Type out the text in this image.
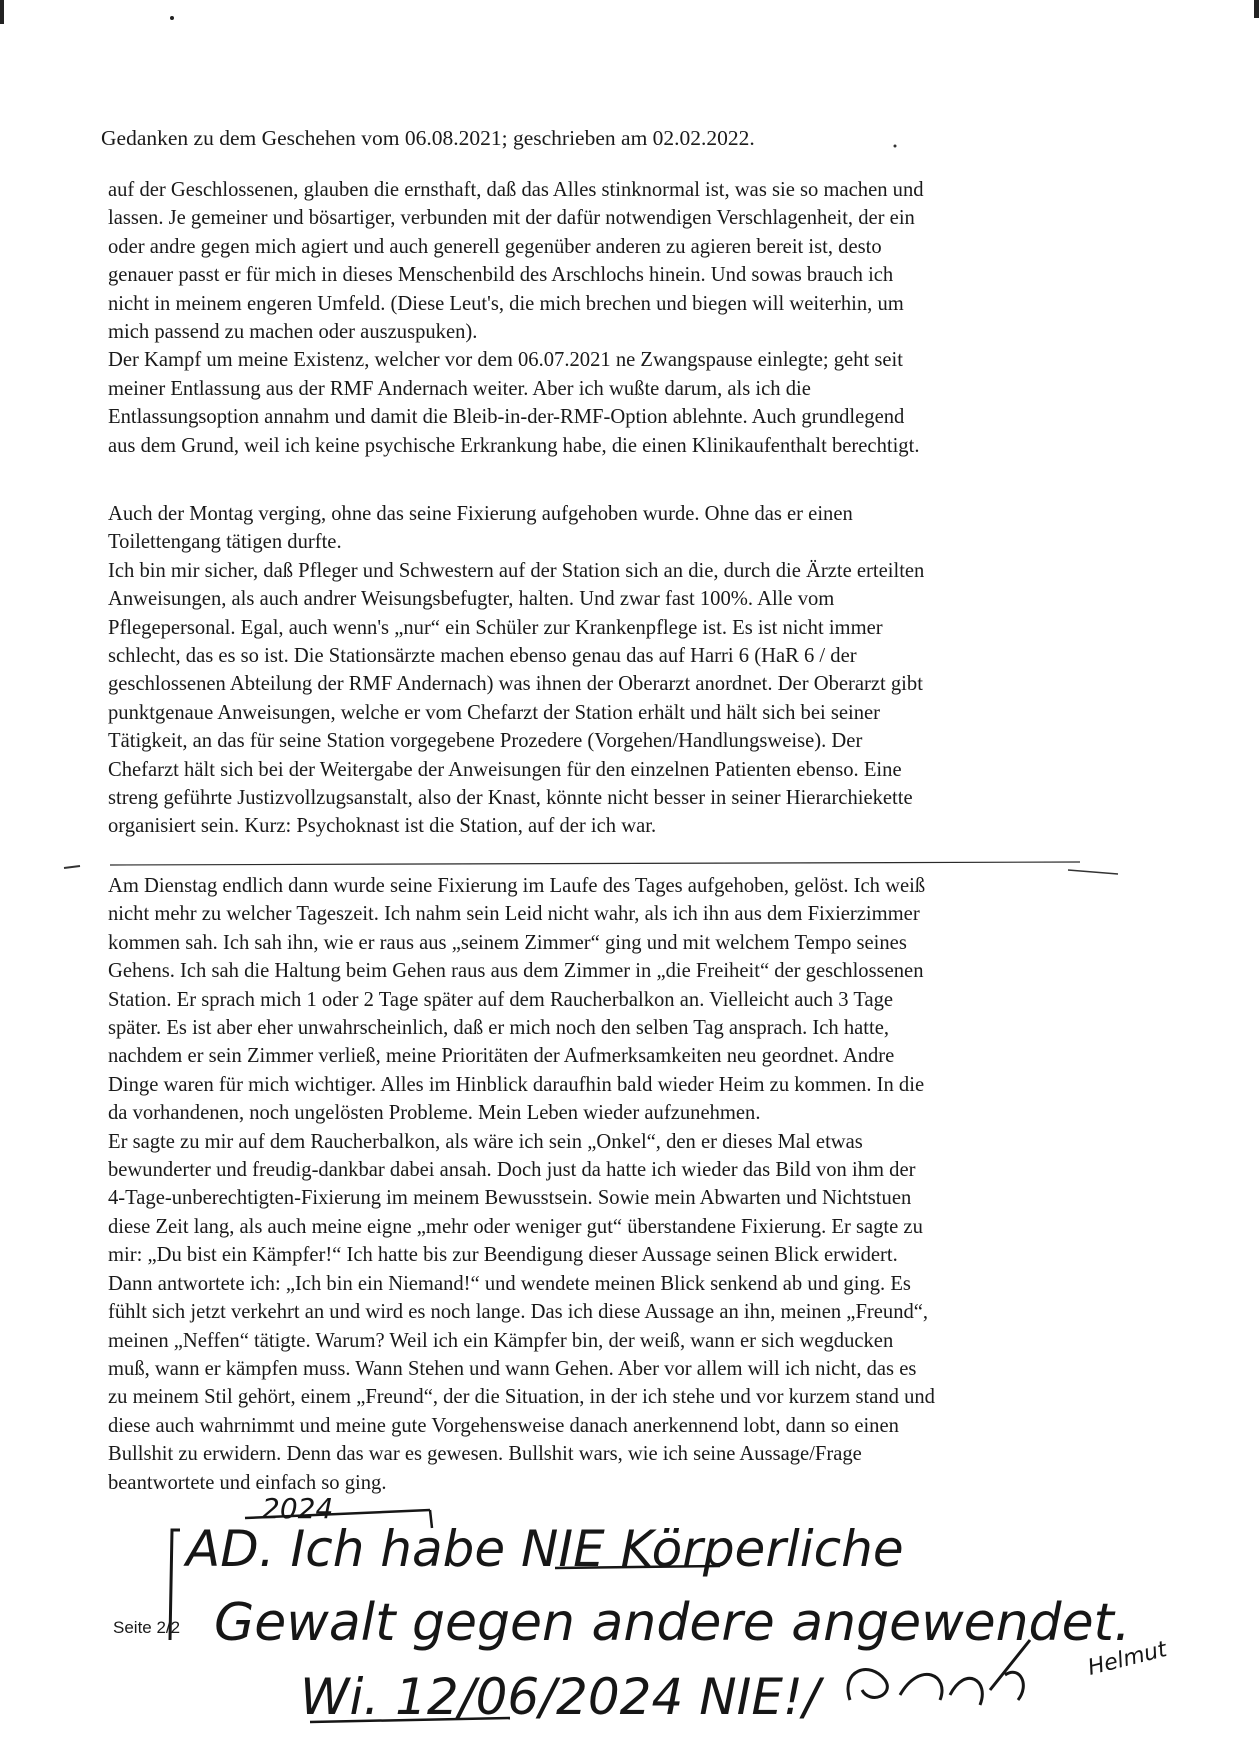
Gedanken zu dem Geschehen vom 06.08.2021; geschrieben am 02.02.2022.

auf der Geschlossenen, glauben die ernsthaft, daß das Alles stinknormal ist, was sie so machen und
lassen. Je gemeiner und bösartiger, verbunden mit der dafür notwendigen Verschlagenheit, der ein
oder andre gegen mich agiert und auch generell gegenüber anderen zu agieren bereit ist, desto
genauer passt er für mich in dieses Menschenbild des Arschlochs hinein. Und sowas brauch ich
nicht in meinem engeren Umfeld. (Diese Leut's, die mich brechen und biegen will weiterhin, um
mich passend zu machen oder auszuspuken).
Der Kampf um meine Existenz, welcher vor dem 06.07.2021 ne Zwangspause einlegte; geht seit
meiner Entlassung aus der RMF Andernach weiter. Aber ich wußte darum, als ich die
Entlassungsoption annahm und damit die Bleib-in-der-RMF-Option ablehnte. Auch grundlegend
aus dem Grund, weil ich keine psychische Erkrankung habe, die einen Klinikaufenthalt berechtigt.

Auch der Montag verging, ohne das seine Fixierung aufgehoben wurde. Ohne das er einen
Toilettengang tätigen durfte.
Ich bin mir sicher, daß Pfleger und Schwestern auf der Station sich an die, durch die Ärzte erteilten
Anweisungen, als auch andrer Weisungsbefugter, halten. Und zwar fast 100%. Alle vom
Pflegepersonal. Egal, auch wenn's „nur“ ein Schüler zur Krankenpflege ist. Es ist nicht immer
schlecht, das es so ist. Die Stationsärzte machen ebenso genau das auf Harri 6 (HaR 6 / der
geschlossenen Abteilung der RMF Andernach) was ihnen der Oberarzt anordnet. Der Oberarzt gibt
punktgenaue Anweisungen, welche er vom Chefarzt der Station erhält und hält sich bei seiner
Tätigkeit, an das für seine Station vorgegebene Prozedere (Vorgehen/Handlungsweise). Der
Chefarzt hält sich bei der Weitergabe der Anweisungen für den einzelnen Patienten ebenso. Eine
streng geführte Justizvollzugsanstalt, also der Knast, könnte nicht besser in seiner Hierarchiekette
organisiert sein. Kurz: Psychoknast ist die Station, auf der ich war.

Am Dienstag endlich dann wurde seine Fixierung im Laufe des Tages aufgehoben, gelöst. Ich weiß
nicht mehr zu welcher Tageszeit. Ich nahm sein Leid nicht wahr, als ich ihn aus dem Fixierzimmer
kommen sah. Ich sah ihn, wie er raus aus „seinem Zimmer“ ging und mit welchem Tempo seines
Gehens. Ich sah die Haltung beim Gehen raus aus dem Zimmer in „die Freiheit“ der geschlossenen
Station. Er sprach mich 1 oder 2 Tage später auf dem Raucherbalkon an. Vielleicht auch 3 Tage
später. Es ist aber eher unwahrscheinlich, daß er mich noch den selben Tag ansprach. Ich hatte,
nachdem er sein Zimmer verließ, meine Prioritäten der Aufmerksamkeiten neu geordnet. Andre
Dinge waren für mich wichtiger. Alles im Hinblick daraufhin bald wieder Heim zu kommen. In die
da vorhandenen, noch ungelösten Probleme. Mein Leben wieder aufzunehmen.
Er sagte zu mir auf dem Raucherbalkon, als wäre ich sein „Onkel“, den er dieses Mal etwas
bewunderter und freudig-dankbar dabei ansah. Doch just da hatte ich wieder das Bild von ihm der
4-Tage-unberechtigten-Fixierung im meinem Bewusstsein. Sowie mein Abwarten und Nichtstuen
diese Zeit lang, als auch meine eigne „mehr oder weniger gut“ überstandene Fixierung. Er sagte zu
mir: „Du bist ein Kämpfer!“ Ich hatte bis zur Beendigung dieser Aussage seinen Blick erwidert.
Dann antwortete ich: „Ich bin ein Niemand!“ und wendete meinen Blick senkend ab und ging. Es
fühlt sich jetzt verkehrt an und wird es noch lange. Das ich diese Aussage an ihn, meinen „Freund“,
meinen „Neffen“ tätigte. Warum? Weil ich ein Kämpfer bin, der weiß, wann er sich wegducken
muß, wann er kämpfen muss. Wann Stehen und wann Gehen. Aber vor allem will ich nicht, das es
zu meinem Stil gehört, einem „Freund“, der die Situation, in der ich stehe und vor kurzem stand und
diese auch wahrnimmt und meine gute Vorgehensweise danach anerkennend lobt, dann so einen
Bullshit zu erwidern. Denn das war es gewesen. Bullshit wars, wie ich seine Aussage/Frage
beantwortete und einfach so ging.

Seite 2/2
AD. Ich habe NIE Körperliche
2024
Gewalt gegen andere angewendet.
Wi. 12/06/2024 NIE!/
Helmut
